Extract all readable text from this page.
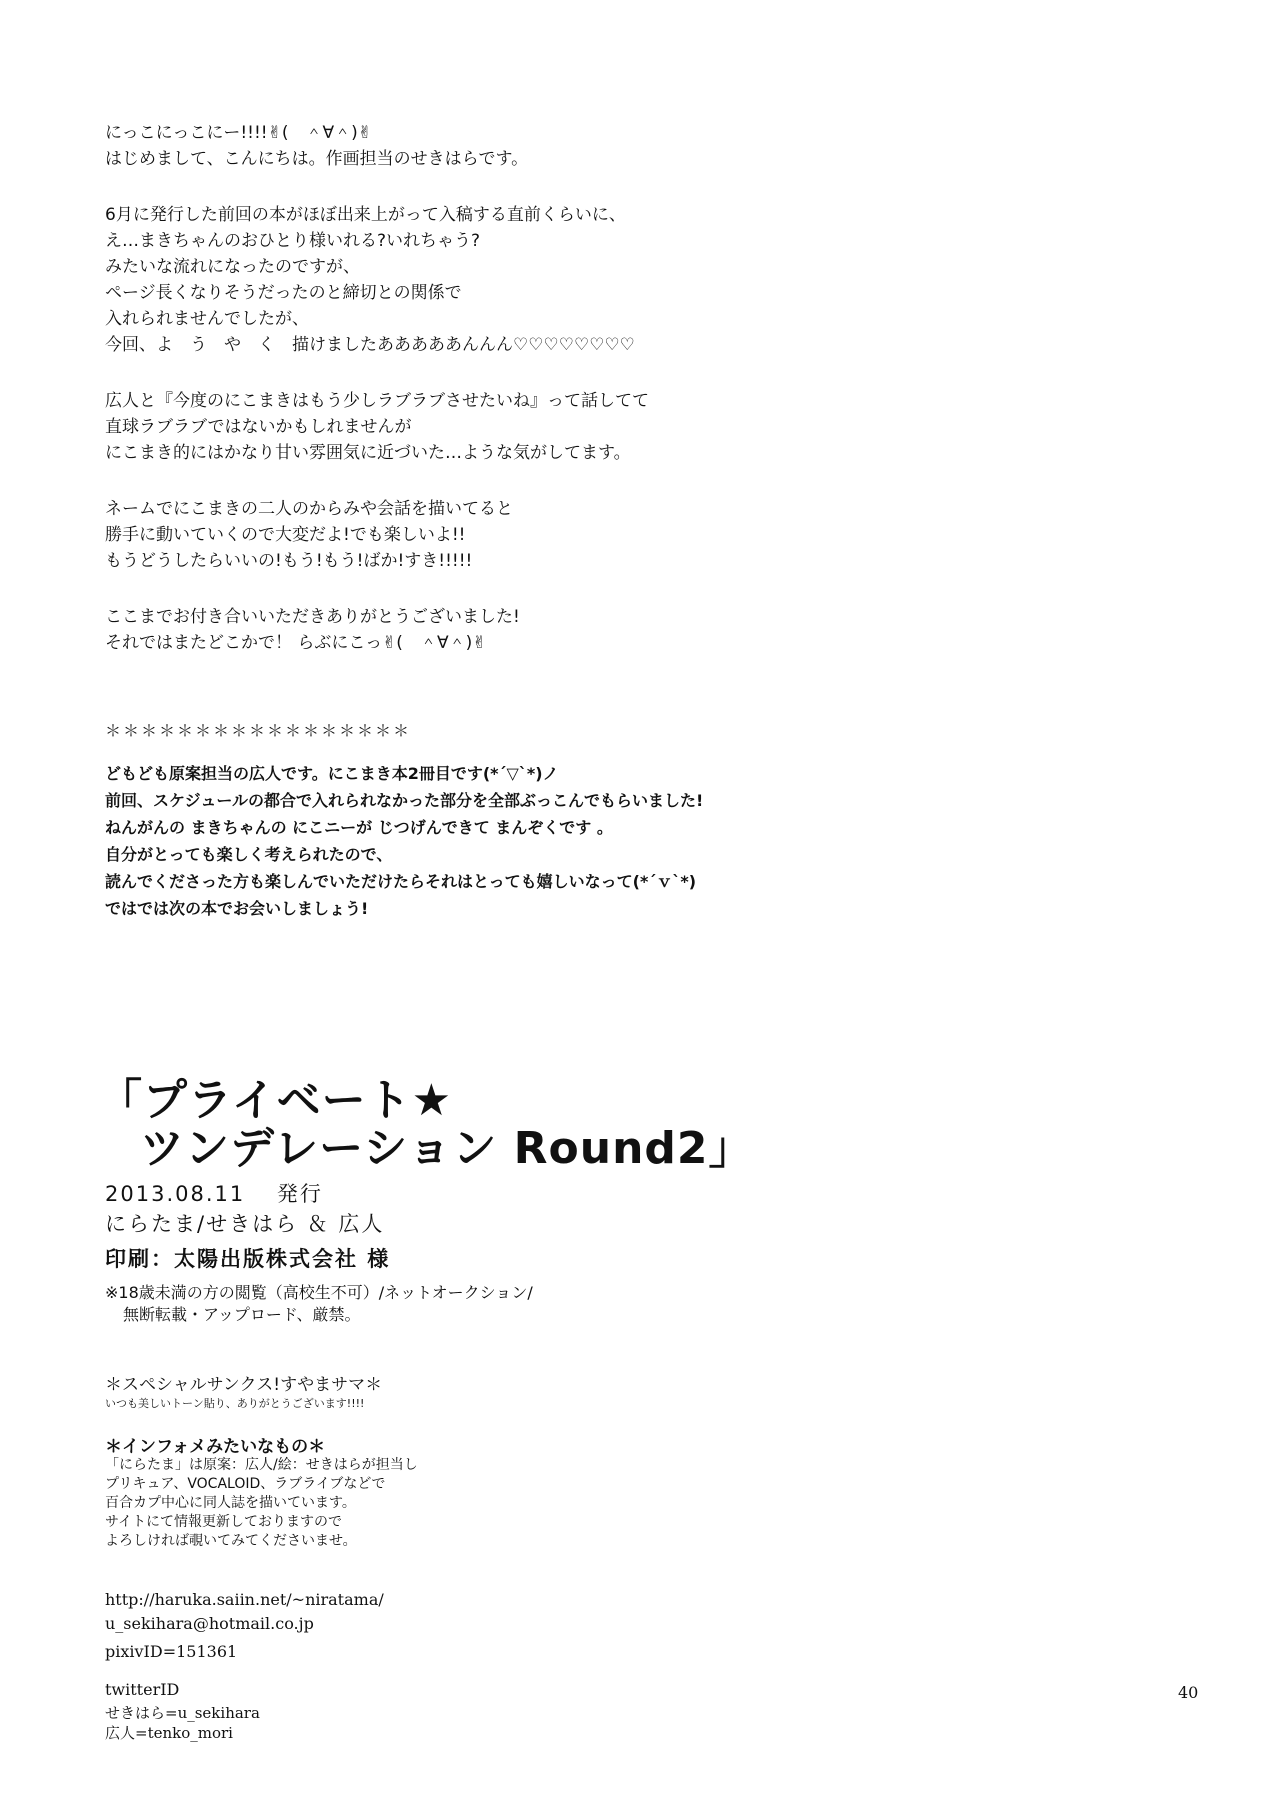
にっこにっこにー!!!!✌(　＾∀＾)✌
はじめまして、こんにちは。作画担当のせきはらです。
6月に発行した前回の本がほぼ出来上がって入稿する直前くらいに、
え…まきちゃんのおひとり様いれる?いれちゃう?
みたいな流れになったのですが、
ページ長くなりそうだったのと締切との関係で
入れられませんでしたが、
今回、よ　う　や　く　描けましたあああああんんん♡♡♡♡♡♡♡♡
広人と『今度のにこまきはもう少しラブラブさせたいね』って話してて
直球ラブラブではないかもしれませんが
にこまき的にはかなり甘い雰囲気に近づいた…ような気がしてます。
ネームでにこまきの二人のからみや会話を描いてると
勝手に動いていくので大変だよ!でも楽しいよ!!
もうどうしたらいいの!もう!もう!ばか!すき!!!!!
ここまでお付き合いいただきありがとうございました!
それではまたどこかで！ らぶにこっ✌(　＾∀＾)✌
＊＊＊＊＊＊＊＊＊＊＊＊＊＊＊＊＊
どもども原案担当の広人です。にこまき本2冊目です(*´▽`*)ノ
前回、スケジュールの都合で入れられなかった部分を全部ぶっこんでもらいました!
ねんがんの まきちゃんの にこニーが じつげんできて まんぞくです 。
自分がとっても楽しく考えられたので、
読んでくださった方も楽しんでいただけたらそれはとっても嬉しいなって(*´ｖ`*)
ではでは次の本でお会いしましょう!
「プライベート★
ツンデレーション Round2」
2013.08.11　 発行
にらたま/せきはら ＆ 広人
印刷：太陽出版株式会社 様
※18歳未満の方の閲覧（高校生不可）/ネットオークション/
無断転載・アップロード、厳禁。
＊スペシャルサンクス!すやまサマ＊
いつも美しいトーン貼り、ありがとうございます!!!!
＊インフォメみたいなもの＊
「にらたま」は原案：広人/絵：せきはらが担当し
プリキュア、VOCALOID、ラブライブなどで
百合カプ中心に同人誌を描いています。
サイトにて情報更新しておりますので
よろしければ覗いてみてくださいませ。
http://haruka.saiin.net/~niratama/
u_sekihara@hotmail.co.jp
pixivID=151361
twitterID
せきはら=u_sekihara
広人=tenko_mori
40
